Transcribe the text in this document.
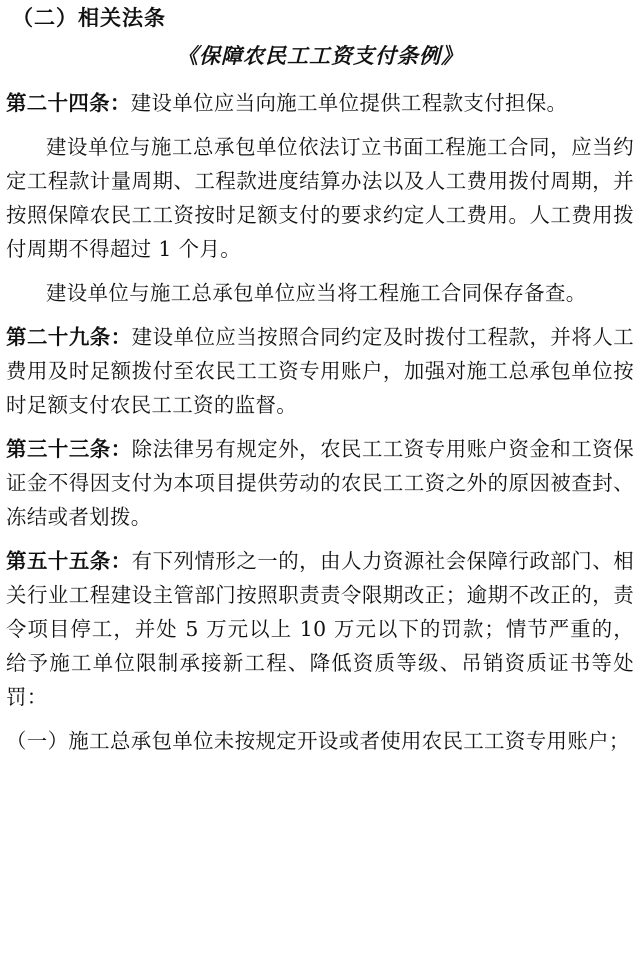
（二）相关法条
《保障农民工工资支付条例》

第二十四条：建设单位应当向施工单位提供工程款支付担保。

建设单位与施工总承包单位依法订立书面工程施工合同，应当约定工程款计量周期、工程款进度结算办法以及人工费用拨付周期，并按照保障农民工工资按时足额支付的要求约定人工费用。人工费用拨付周期不得超过 1 个月。

建设单位与施工总承包单位应当将工程施工合同保存备查。

第二十九条：建设单位应当按照合同约定及时拨付工程款，并将人工费用及时足额拨付至农民工工资专用账户，加强对施工总承包单位按时足额支付农民工工资的监督。

第三十三条：除法律另有规定外，农民工工资专用账户资金和工资保证金不得因支付为本项目提供劳动的农民工工资之外的原因被查封、冻结或者划拨。

第五十五条：有下列情形之一的，由人力资源社会保障行政部门、相关行业工程建设主管部门按照职责责令限期改正；逾期不改正的，责令项目停工，并处 5 万元以上 10 万元以下的罚款；情节严重的，给予施工单位限制承接新工程、降低资质等级、吊销资质证书等处罚：

（一）施工总承包单位未按规定开设或者使用农民工工资专用账户；
